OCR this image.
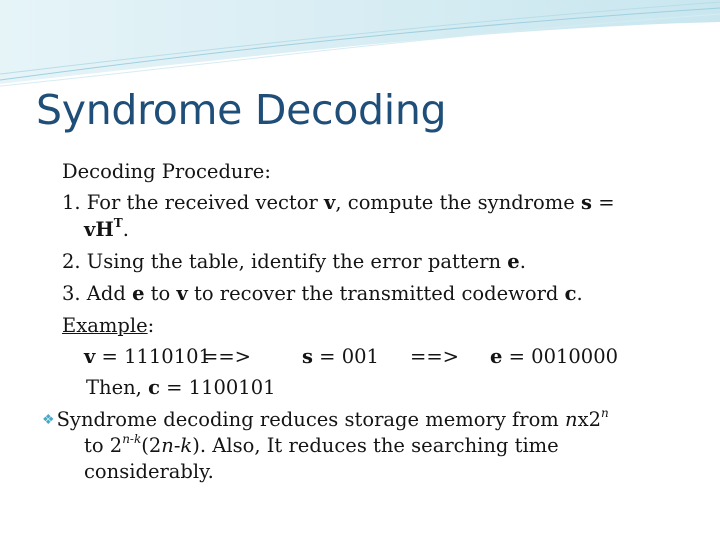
Syndrome Decoding
Decoding Procedure:
1. For the received vector v, compute the syndrome s =
$vH^T$.
2. Using the table, identify the error pattern e.
3. Add e to v to recover the transmitted codeword c.
Example:
v = 1110101
==>	s = 001 ==> e = 0010000
Then, c = 1100101
❖ Syndrome decoding reduces storage memory from nx2$^n$
to 2$^{n-k}$(2n-k). Also, It reduces the searching time
considerably.
